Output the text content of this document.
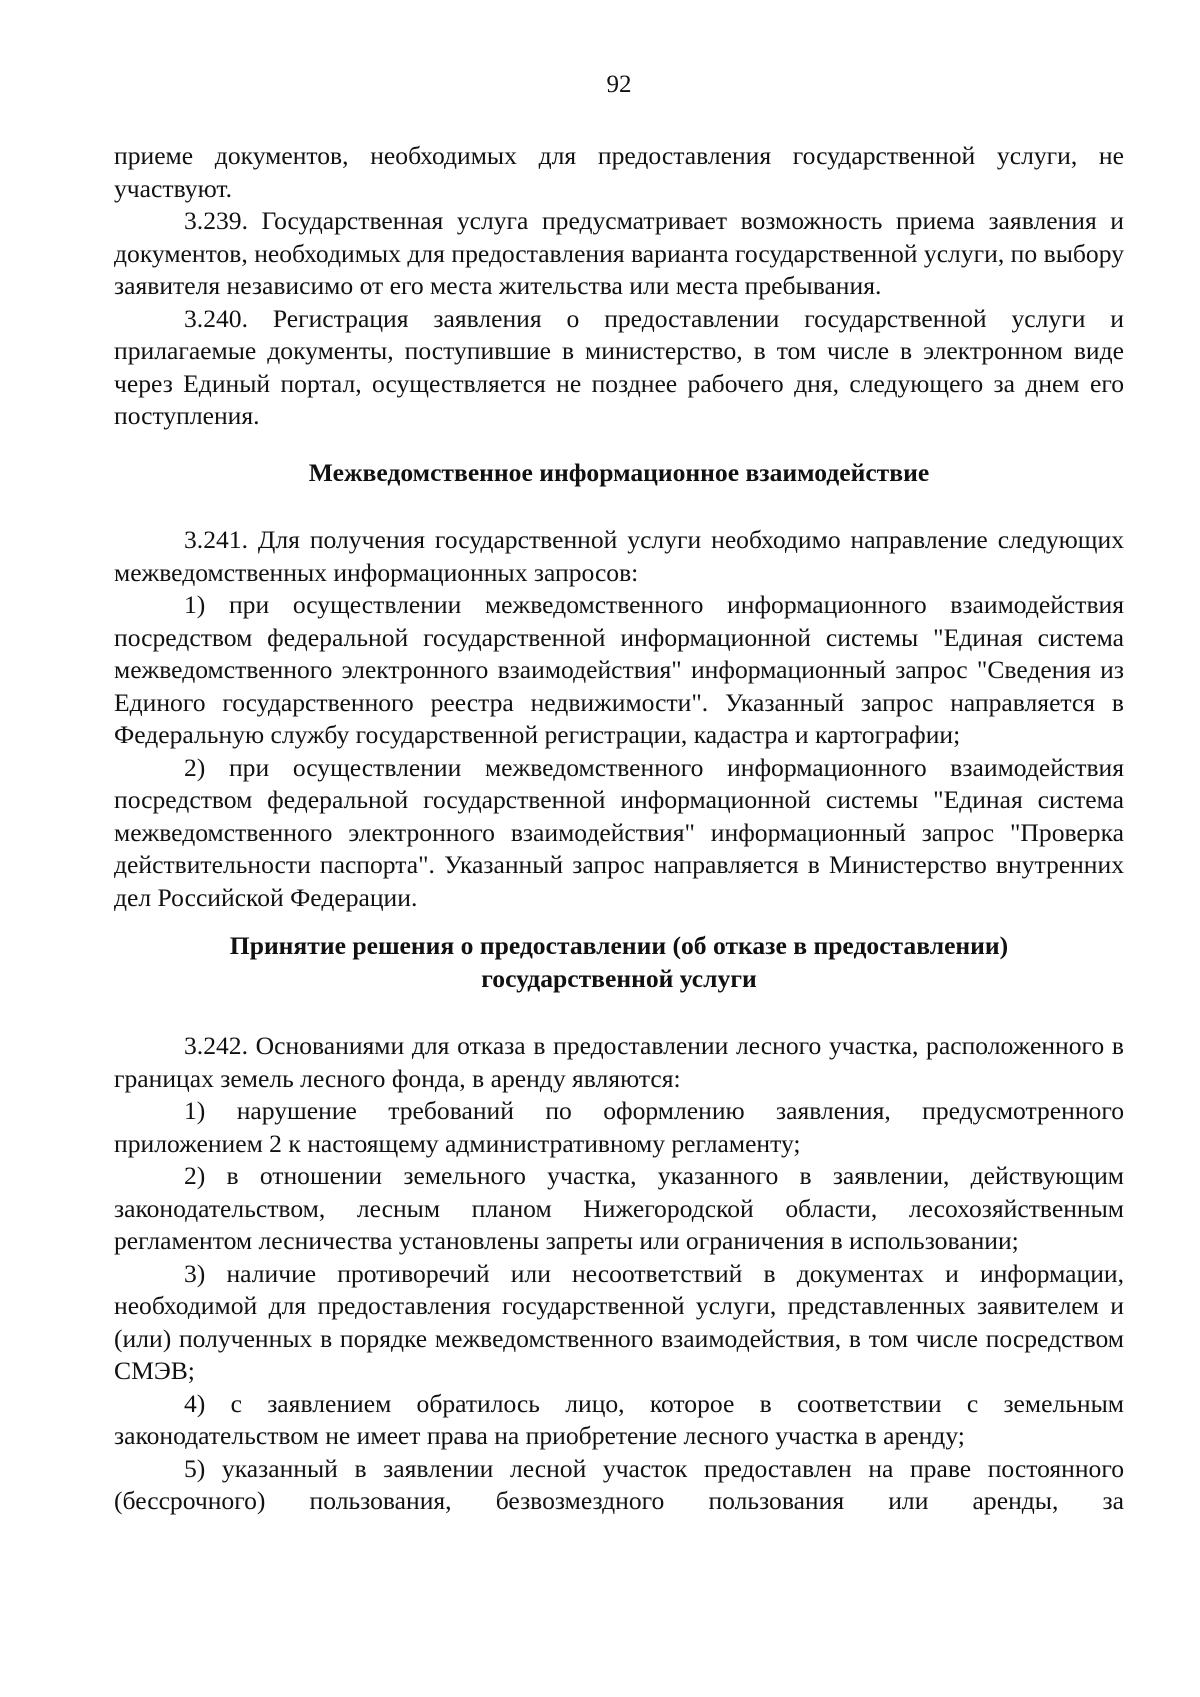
92

приеме документов, необходимых для предоставления государственной услуги, не участвуют.

3.239. Государственная услуга предусматривает возможность приема заявления и документов, необходимых для предоставления варианта государственной услуги, по выбору заявителя независимо от его места жительства или места пребывания.

3.240. Регистрация заявления о предоставлении государственной услуги и прилагаемые документы, поступившие в министерство, в том числе в электронном виде через Единый портал, осуществляется не позднее рабочего дня, следующего за днем его поступления.

Межведомственное информационное взаимодействие

3.241. Для получения государственной услуги необходимо направление следующих межведомственных информационных запросов:

1) при осуществлении межведомственного информационного взаимодействия посредством федеральной государственной информационной системы "Единая система межведомственного электронного взаимодействия" информационный запрос "Сведения из Единого государственного реестра недвижимости". Указанный запрос направляется в Федеральную службу государственной регистрации, кадастра и картографии;

2) при осуществлении межведомственного информационного взаимодействия посредством федеральной государственной информационной системы "Единая система межведомственного электронного взаимодействия" информационный запрос "Проверка действительности паспорта". Указанный запрос направляется в Министерство внутренних дел Российской Федерации.

Принятие решения о предоставлении (об отказе в предоставлении)
государственной услуги

3.242. Основаниями для отказа в предоставлении лесного участка, расположенного в границах земель лесного фонда, в аренду являются:

1) нарушение требований по оформлению заявления, предусмотренного приложением 2 к настоящему административному регламенту;

2) в отношении земельного участка, указанного в заявлении, действующим законодательством, лесным планом Нижегородской области, лесохозяйственным регламентом лесничества установлены запреты или ограничения в использовании;

3) наличие противоречий или несоответствий в документах и информации, необходимой для предоставления государственной услуги, представленных заявителем и (или) полученных в порядке межведомственного взаимодействия, в том числе посредством СМЭВ;

4) с заявлением обратилось лицо, которое в соответствии с земельным законодательством не имеет права на приобретение лесного участка в аренду;

5) указанный в заявлении лесной участок предоставлен на праве постоянного (бессрочного) пользования, безвозмездного пользования или аренды, за
